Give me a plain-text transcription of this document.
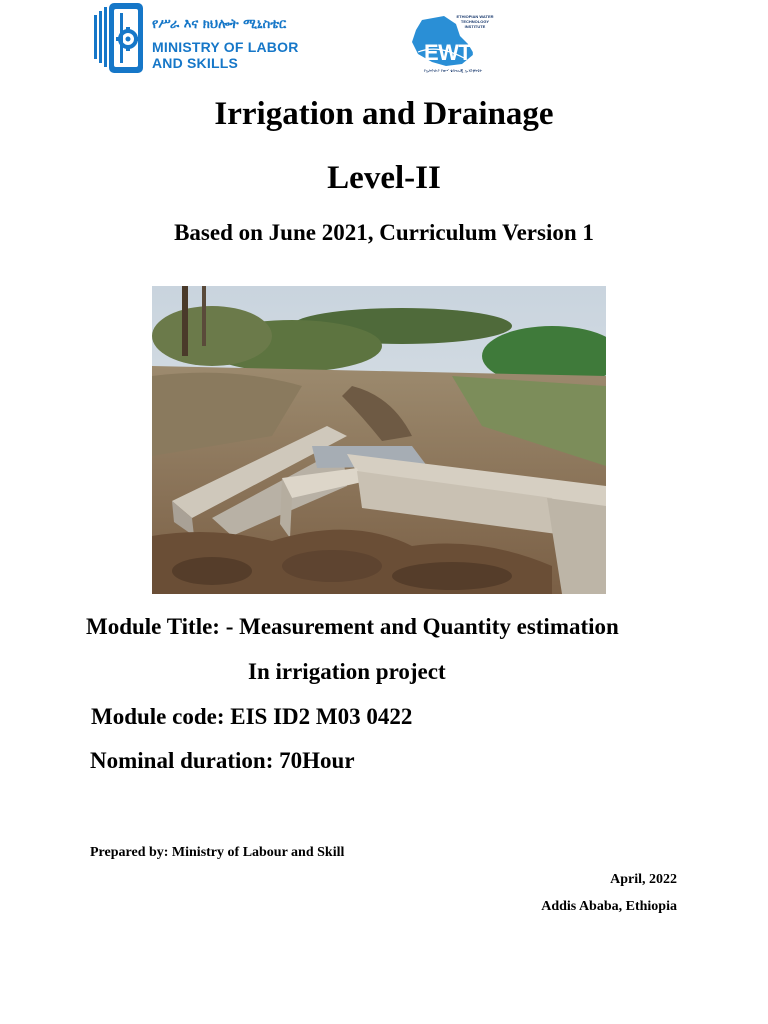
የሥራ እና ክህሎት ሚኒስቴር
MINISTRY OF LABOR
AND SKILLS	EWTI
ETHIOPIAN WATER TECHNOLOGY INSTITUTE
የኢትዮጵያ የውሃ ቴክኖሎጂ ኢንስቲትዩት
Irrigation and Drainage
Level-II
Based on June 2021, Curriculum Version 1
Module Title: - Measurement and Quantity estimation
In irrigation project
Module code: EIS ID2 M03 0422
Nominal duration: 70Hour
Prepared by: Ministry of Labour and Skill
April, 2022
Addis Ababa, Ethiopia
